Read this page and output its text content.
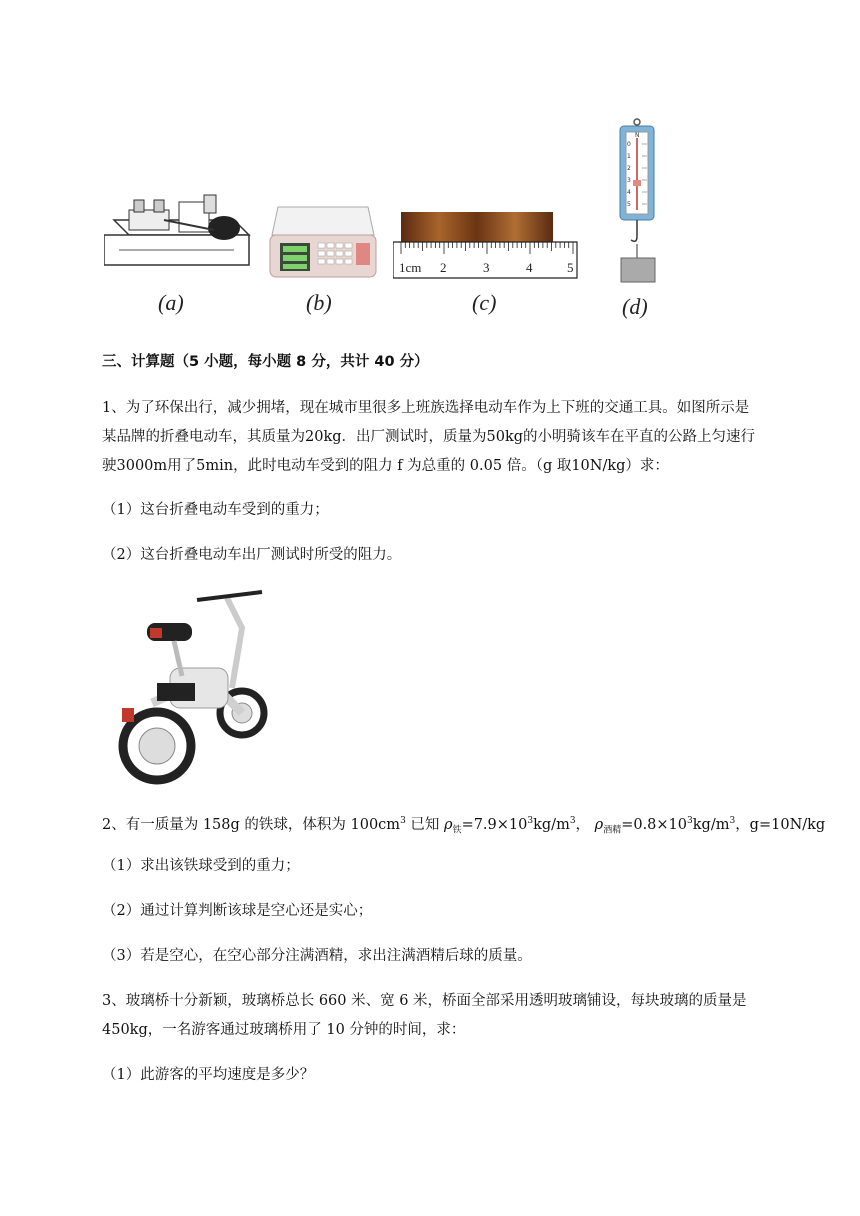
(a)	(b)
1cm 2	3	4	5
(c)
N
0
1
2
3
4
5
(d)
三、计算题（5 小题，每小题 8 分，共计 40 分）
1、为了环保出行，减少拥堵，现在城市里很多上班族选择电动车作为上下班的交通工具。如图所示是
某品牌的折叠电动车，其质量为20kg．出厂测试时，质量为50kg的小明骑该车在平直的公路上匀速行
驶3000m用了5min，此时电动车受到的阻力 f 为总重的 0.05 倍。（g 取10N/kg）求：
（1）这台折叠电动车受到的重力；
（2）这台折叠电动车出厂测试时所受的阻力。
2、有一质量为 158g 的铁球，体积为 $100cm^3$ 已知 $\rho_铁=7.9\times 10^3kg/m^3$， $\rho_{酒精}=0.8\times 10^3kg/m^3$，g=10N/kg
（1）求出该铁球受到的重力；
（2）通过计算判断该球是空心还是实心；
（3）若是空心，在空心部分注满酒精，求出注满酒精后球的质量。
3、玻璃桥十分新颖，玻璃桥总长 660 米、宽 6 米，桥面全部采用透明玻璃铺设，每块玻璃的质量是
450kg，一名游客通过玻璃桥用了 10 分钟的时间，求：
（1）此游客的平均速度是多少？
